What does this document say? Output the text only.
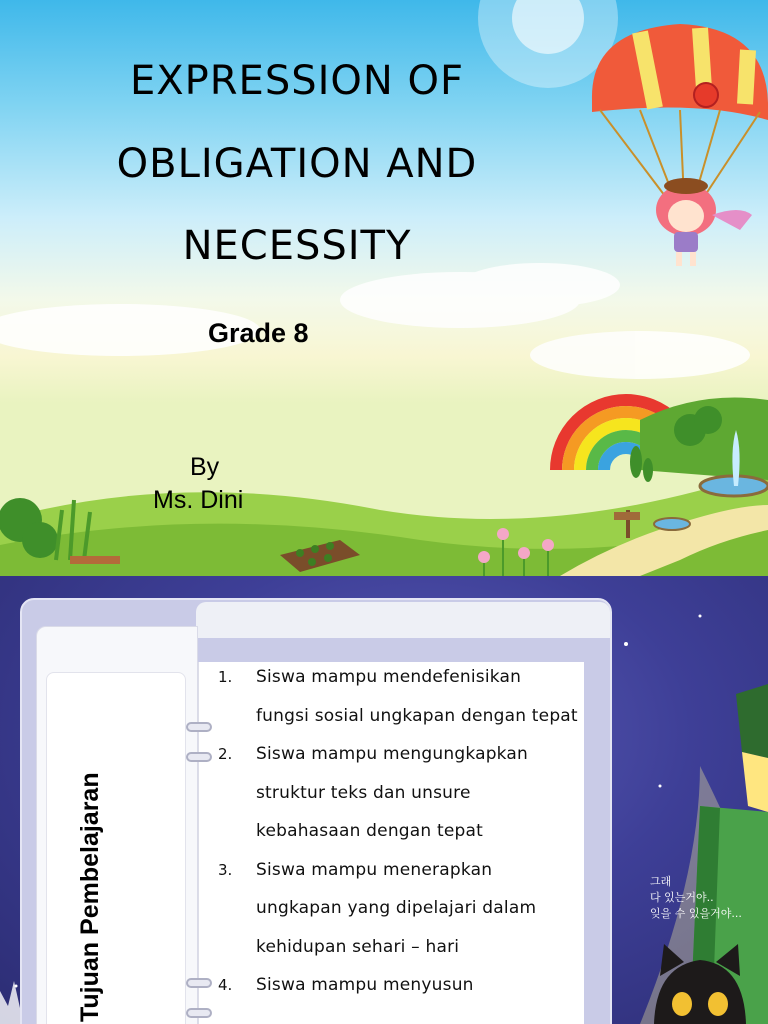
EXPRESSION OF
OBLIGATION AND
NECESSITY
Grade 8
By
Ms. Dini
Tujuan Pembelajaran
1. Siswa mampu mendefenisikan fungsi sosial ungkapan dengan tepat
2. Siswa mampu mengungkapkan struktur teks dan unsure kebahasaan dengan tepat
3. Siswa mampu menerapkan ungkapan yang dipelajari dalam kehidupan sehari – hari
4. Siswa mampu menyusun
그래
다 있는거야..
잊을 수 있을거야...
